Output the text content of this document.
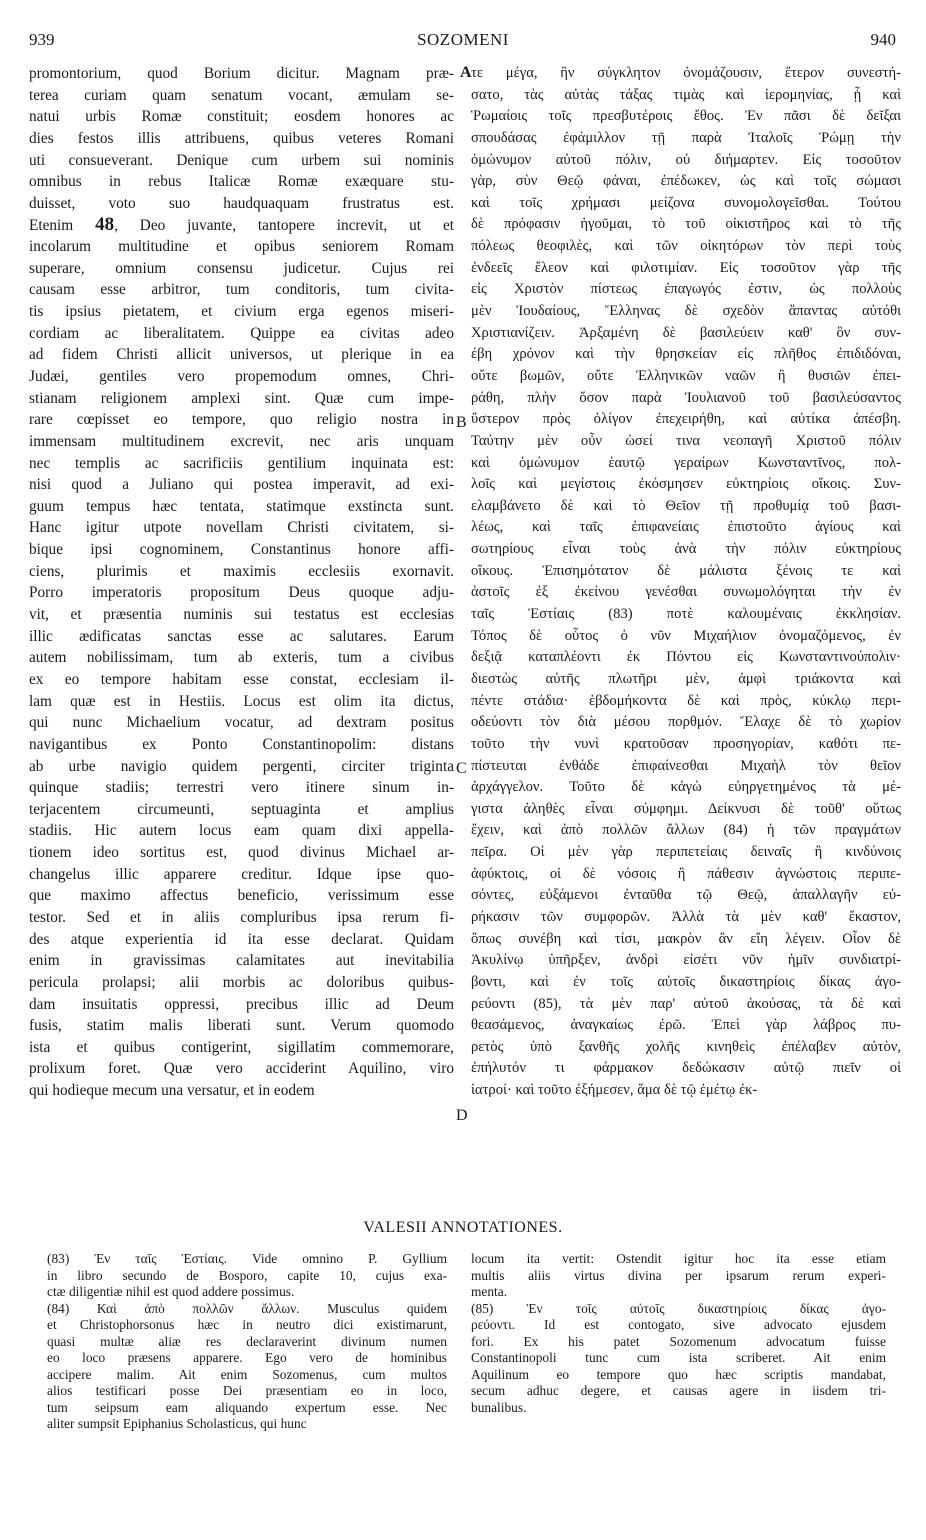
939	SOZOMENI	940
promontorium, quod Borium dicitur. Magnam præ-
terea curiam quam senatum vocant, æmulam se-
natui urbis Romæ constituit; eosdem honores ac
dies festos illis attribuens, quibus veteres Romani
uti consueverant. Denique cum urbem sui nominis
omnibus in rebus Italicæ Romæ exæquare stu-
duisset, voto suo haudquaquam frustratus est.
Etenim 48, Deo juvante, tantopere increvit, ut et
incolarum multitudine et opibus seniorem Romam
superare, omnium consensu judicetur. Cujus rei
causam esse arbitror, tum conditoris, tum civita-
tis ipsius pietatem, et civium erga egenos miseri-
cordiam ac liberalitatem. Quippe ea civitas adeo
ad fidem Christi allicit universos, ut plerique in ea
Judæi, gentiles vero propemodum omnes, Chri-
stianam religionem amplexi sint. Quæ cum impe-
rare cœpisset eo tempore, quo religio nostra in
immensam multitudinem excrevit, nec aris unquam
nec templis ac sacrificiis gentilium inquinata est:
nisi quod a Juliano qui postea imperavit, ad exi-
guum tempus hæc tentata, statimque exstincta sunt.
Hanc igitur utpote novellam Christi civitatem, si-
bique ipsi cognominem, Constantinus honore affi-
ciens, plurimis et maximis ecclesiis exornavit.
Porro imperatoris propositum Deus quoque adju-
vit, et præsentia numinis sui testatus est ecclesias
illic ædificatas sanctas esse ac salutares. Earum
autem nobilissimam, tum ab exteris, tum a civibus
ex eo tempore habitam esse constat, ecclesiam il-
lam quæ est in Hestiis. Locus est olim ita dictus,
qui nunc Michaelium vocatur, ad dextram positus
navigantibus ex Ponto Constantinopolim: distans
ab urbe navigio quidem pergenti, circiter triginta
quinque stadiis; terrestri vero itinere sinum in-
terjacentem circumeunti, septuaginta et amplius
stadiis. Hic autem locus eam quam dixi appella-
tionem ideo sortitus est, quod divinus Michael ar-
changelus illic apparere creditur. Idque ipse quo-
que maximo affectus beneficio, verissimum esse
testor. Sed et in aliis compluribus ipsa rerum fi-
des atque experientia id ita esse declarat. Quidam
enim in gravissimas calamitates aut inevitabilia
pericula prolapsi; alii morbis ac doloribus quibus-
dam insuitatis oppressi, precibus illic ad Deum
fusis, statim malis liberati sunt. Verum quomodo
ista et quibus contigerint, sigillatim commemorare,
prolixum foret. Quæ vero acciderint Aquilino, viro
qui hodieque mecum una versatur, et in eodem
τε μέγα, ἣν σύγκλητον ὀνομάζουσιν, ἕτερον συνεστή-
σατο, τὰς αὐτὰς τάξας τιμὰς καὶ ἱερομηνίας, ᾗ καὶ
Ῥωμαίοις τοῖς πρεσβυτέροις ἔθος. Ἐν πᾶσι δὲ δεῖξαι
σπουδάσας ἐφάμιλλον τῇ παρὰ Ἰταλοῖς Ῥώμῃ τὴν
ὁμώνυμον αὐτοῦ πόλιν, οὐ διήμαρτεν. Εἰς τοσοῦτον
γὰρ, σὺν Θεῷ φάναι, ἐπέδωκεν, ὡς καὶ τοῖς σώμασι
καὶ τοῖς χρήμασι μείζονα συνομολογεῖσθαι. Τούτου
δὲ πρόφασιν ἡγοῦμαι, τὸ τοῦ οἰκιστῆρος καὶ τὸ τῆς
πόλεως θεοφιλὲς, καὶ τῶν οἰκητόρων τὸν περὶ τοὺς
ἐνδεεῖς ἔλεον καὶ φιλοτιμίαν. Εἰς τοσοῦτον γὰρ τῆς
εἰς Χριστὸν πίστεως ἐπαγωγός ἐστιν, ὡς πολλοὺς
μὲν Ἰουδαίους, Ἕλληνας δὲ σχεδὸν ἅπαντας αὐτόθι
Χριστιανίζειν. Ἀρξαμένη δὲ βασιλεύειν καθ' ὃν συν-
έβη χρόνον καὶ τὴν θρησκείαν εἰς πλῆθος ἐπιδιδόναι,
οὔτε βωμῶν, οὔτε Ἑλληνικῶν ναῶν ἢ θυσιῶν ἐπει-
ράθη, πλὴν ὅσον παρὰ Ἰουλιανοῦ τοῦ βασιλεύσαντος
ὕστερον πρὸς ὀλίγον ἐπεχειρήθη, καὶ αὐτίκα ἀπέσβη.
Ταύτην μὲν οὖν ὡσεί τινα νεοπαγῆ Χριστοῦ πόλιν
καὶ ὁμώνυμον ἑαυτῷ γεραίρων Κωνσταντῖνος, πολ-
λοῖς καὶ μεγίστοις ἐκόσμησεν εὐκτηρίοις οἴκοις. Συν-
ελαμβάνετο δὲ καὶ τὸ Θεῖον τῇ προθυμίᾳ τοῦ βασι-
λέως, καὶ ταῖς ἐπιφανείαις ἐπιστοῦτο ἁγίους καὶ
σωτηρίους εἶναι τοὺς ἀνὰ τὴν πόλιν εὐκτηρίους
οἴκους. Ἐπισημότατον δὲ μάλιστα ξένοις τε καὶ
ἀστοῖς ἐξ ἐκείνου γενέσθαι συνωμολόγηται τὴν ἐν
ταῖς Ἑστίαις (83) ποτὲ καλουμέναις ἐκκλησίαν.
Τόπος δὲ οὗτος ὁ νῦν Μιχαήλιον ὀνομαζόμενος, ἐν
δεξιᾷ καταπλέοντι ἐκ Πόντου εἰς Κωνσταντινούπολιν·
διεστὼς αὐτῆς πλωτῆρι μὲν, ἀμφὶ τριάκοντα καὶ
πέντε στάδια· ἑβδομήκοντα δὲ καὶ πρὸς, κύκλῳ περι-
οδεύοντι τὸν διὰ μέσου πορθμόν. Ἔλαχε δὲ τὸ χωρίον
τοῦτο τὴν νυνὶ κρατοῦσαν προσηγορίαν, καθότι πε-
πίστευται ἐνθάδε ἐπιφαίνεσθαι Μιχαὴλ τὸν θεῖον
ἀρχάγγελον. Τοῦτο δὲ κἀγὼ εὐηργετημένος τὰ μέ-
γιστα ἀληθὲς εἶναι σύμφημι. Δείκνυσι δὲ τοῦθ' οὕτως
ἔχειν, καὶ ἀπὸ πολλῶν ἄλλων (84) ἡ τῶν πραγμάτων
πεῖρα. Οἱ μὲν γὰρ περιπετείαις δειναῖς ἢ κινδύνοις
ἀφύκτοις, οἱ δὲ νόσοις ἢ πάθεσιν ἀγνώστοις περιπε-
σόντες, εὐξάμενοι ἐνταῦθα τῷ Θεῷ, ἀπαλλαγῆν εὐ-
ρήκασιν τῶν συμφορῶν. Ἀλλὰ τὰ μὲν καθ' ἕκαστον,
ὅπως συνέβη καὶ τίσι, μακρὸν ἂν εἴη λέγειν. Οἷον δὲ
Ἀκυλίνῳ ὑπῆρξεν, ἀνδρὶ εἰσέτι νῦν ἡμῖν συνδιατρί-
βοντι, καὶ ἐν τοῖς αὐτοῖς δικαστηρίοις δίκας ἀγο-
ρεύοντι (85), τὰ μὲν παρ' αὐτοῦ ἀκούσας, τὰ δὲ καὶ
θεασάμενος, ἀναγκαίως ἐρῶ. Ἐπεὶ γὰρ λάβρος πυ-
ρετὸς ὑπὸ ξανθῆς χολῆς κινηθεὶς ἐπέλαβεν αὐτὸν,
ἐπήλυτόν τι φάρμακον δεδώκασιν αὐτῷ πιεῖν οἱ
ἰατροί· καὶ τοῦτο ἐξήμεσεν, ἅμα δὲ τῷ ἐμέτῳ ἐκ-
A
B
C
D
VALESII ANNOTATIONES.
(83) Ἐν ταῖς Ἑστίαις. Vide omnino P. Gyllium
in libro secundo de Bosporo, capite 10, cujus exa-
ctæ diligentiæ nihil est quod addere possimus.
(84) Καὶ ἀπὸ πολλῶν ἄλλων. Musculus quidem
et Christophorsonus hæc in neutro dici existimarunt,
quasi multæ aliæ res declaraverint divinum numen
eo loco præsens apparere. Ego vero de hominibus
accipere malim. Ait enim Sozomenus, cum multos
alios testificari posse Dei præsentiam eo in loco,
tum seipsum eam aliquando expertum esse. Nec
aliter sumpsit Epiphanius Scholasticus, qui hunc
locum ita vertit: Ostendit igitur hoc ita esse etiam
multis aliis virtus divina per ipsarum rerum experi-
menta.
(85) Ἐν τοῖς αὐτοῖς δικαστηρίοις δίκας ἀγο-
ρεύοντι. Id est contogato, sive advocato ejusdem
fori. Ex his patet Sozomenum advocatum fuisse
Constantinopoli tunc cum ista scriberet. Ait enim
Aquilinum eo tempore quo hæc scriptis mandabat,
secum adhuc degere, et causas agere in iisdem tri-
bunalibus.
